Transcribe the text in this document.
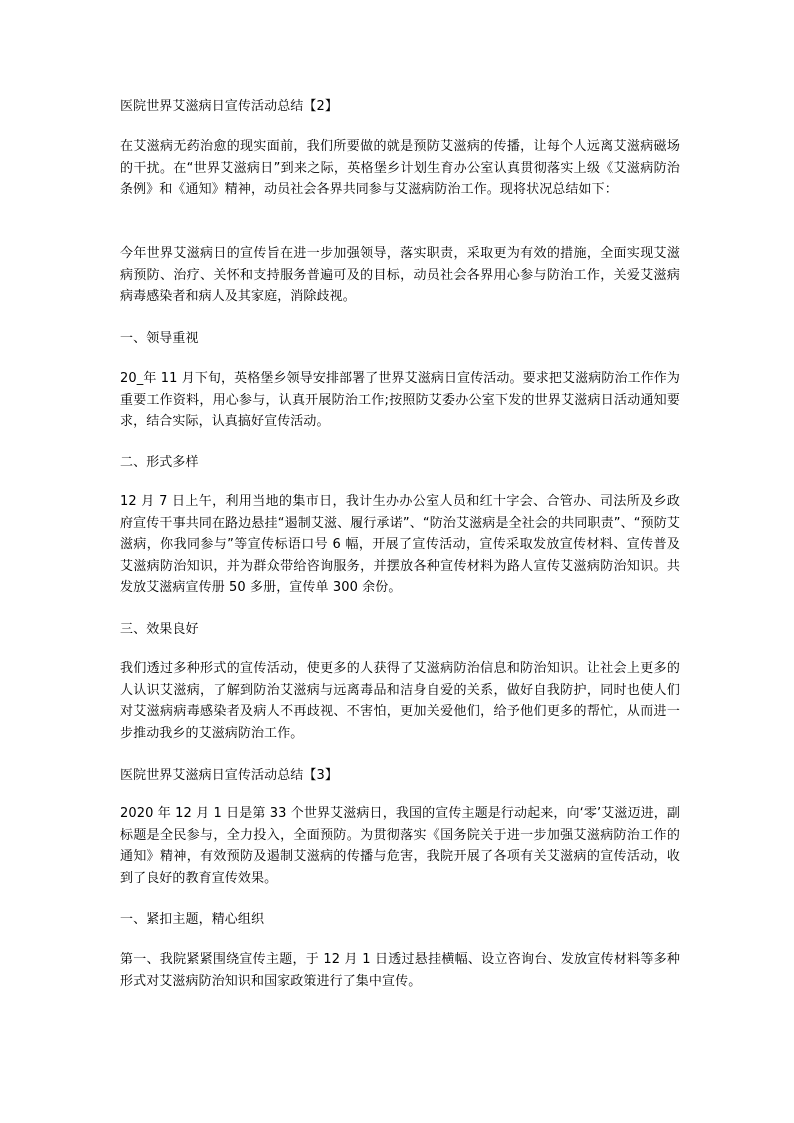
医院世界艾滋病日宣传活动总结【2】
在艾滋病无药治愈的现实面前，我们所要做的就是预防艾滋病的传播，让每个人远离艾滋病磁场的干扰。在“世界艾滋病日”到来之际，英格堡乡计划生育办公室认真贯彻落实上级《艾滋病防治条例》和《通知》精神，动员社会各界共同参与艾滋病防治工作。现将状况总结如下：
今年世界艾滋病日的宣传旨在进一步加强领导，落实职责，采取更为有效的措施，全面实现艾滋病预防、治疗、关怀和支持服务普遍可及的目标，动员社会各界用心参与防治工作，关爱艾滋病病毒感染者和病人及其家庭，消除歧视。
一、领导重视
20_年 11 月下旬，英格堡乡领导安排部署了世界艾滋病日宣传活动。要求把艾滋病防治工作作为重要工作资料，用心参与，认真开展防治工作;按照防艾委办公室下发的世界艾滋病日活动通知要求，结合实际，认真搞好宣传活动。
二、形式多样
12 月 7 日上午，利用当地的集市日，我计生办办公室人员和红十字会、合管办、司法所及乡政府宣传干事共同在路边悬挂“遏制艾滋、履行承诺”、“防治艾滋病是全社会的共同职责”、“预防艾滋病，你我同参与”等宣传标语口号 6 幅，开展了宣传活动，宣传采取发放宣传材料、宣传普及艾滋病防治知识，并为群众带给咨询服务，并摆放各种宣传材料为路人宣传艾滋病防治知识。共发放艾滋病宣传册 50 多册，宣传单 300 余份。
三、效果良好
我们透过多种形式的宣传活动，使更多的人获得了艾滋病防治信息和防治知识。让社会上更多的人认识艾滋病，了解到防治艾滋病与远离毒品和洁身自爱的关系，做好自我防护，同时也使人们对艾滋病病毒感染者及病人不再歧视、不害怕，更加关爱他们，给予他们更多的帮忙，从而进一步推动我乡的艾滋病防治工作。
医院世界艾滋病日宣传活动总结【3】
2020 年 12 月 1 日是第 33 个世界艾滋病日，我国的宣传主题是行动起来，向‘零’艾滋迈进，副标题是全民参与，全力投入，全面预防。为贯彻落实《国务院关于进一步加强艾滋病防治工作的通知》精神，有效预防及遏制艾滋病的传播与危害，我院开展了各项有关艾滋病的宣传活动，收到了良好的教育宣传效果。
一、紧扣主题，精心组织
第一、我院紧紧围绕宣传主题，于 12 月 1 日透过悬挂横幅、设立咨询台、发放宣传材料等多种形式对艾滋病防治知识和国家政策进行了集中宣传。
